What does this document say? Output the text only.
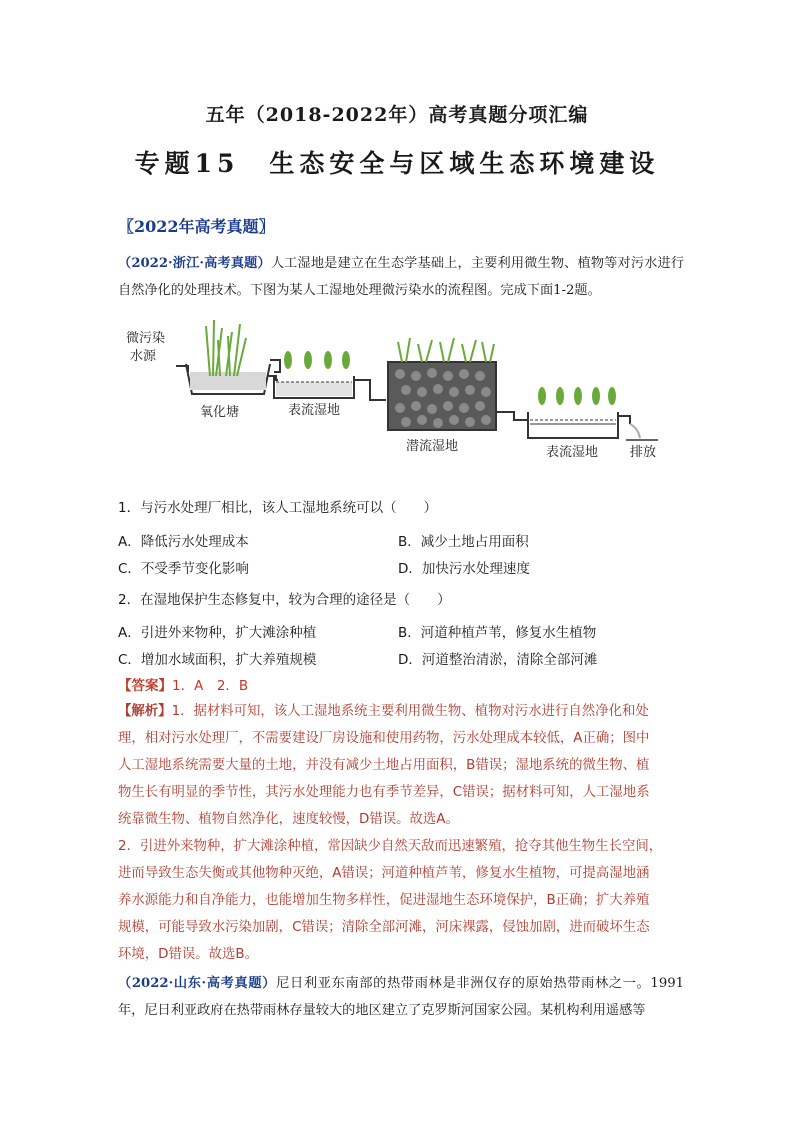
五年（2018-2022年）高考真题分项汇编
专题15　生态安全与区域生态环境建设
〖2022年高考真题〗
（2022·浙江·高考真题）人工湿地是建立在生态学基础上，主要利用微生物、植物等对污水进行自然净化的处理技术。下图为某人工湿地处理微污染水的流程图。完成下面1-2题。
微污染
水源
氧化塘	表流湿地
潜流湿地	表流湿地 排放
1．与污水处理厂相比，该人工湿地系统可以（　　）
A．降低污水处理成本	B．减少土地占用面积
C．不受季节变化影响	D．加快污水处理速度
2．在湿地保护生态修复中，较为合理的途径是（　　）
A．引进外来物种，扩大滩涂种植	B．河道种植芦苇，修复水生植物
C．增加水域面积，扩大养殖规模	D．河道整治清淤，清除全部河滩
【答案】1．A　2．B
【解析】1．据材料可知，该人工湿地系统主要利用微生物、植物对污水进行自然净化和处
理，相对污水处理厂，不需要建设厂房设施和使用药物，污水处理成本较低，A正确；图中
人工湿地系统需要大量的土地，并没有减少土地占用面积，B错误；湿地系统的微生物、植
物生长有明显的季节性，其污水处理能力也有季节差异，C错误；据材料可知，人工湿地系
统靠微生物、植物自然净化，速度较慢，D错误。故选A。
2．引进外来物种，扩大滩涂种植，常因缺少自然天敌而迅速繁殖，抢夺其他生物生长空间，
进而导致生态失衡或其他物种灭绝，A错误；河道种植芦苇，修复水生植物，可提高湿地涵
养水源能力和自净能力，也能增加生物多样性，促进湿地生态环境保护，B正确；扩大养殖
规模，可能导致水污染加剧，C错误；清除全部河滩，河床裸露，侵蚀加剧，进而破坏生态
环境，D错误。故选B。
（2022·山东·高考真题）尼日利亚东南部的热带雨林是非洲仅存的原始热带雨林之一。1991年，尼日利亚政府在热带雨林存量较大的地区建立了克罗斯河国家公园。某机构利用遥感等
